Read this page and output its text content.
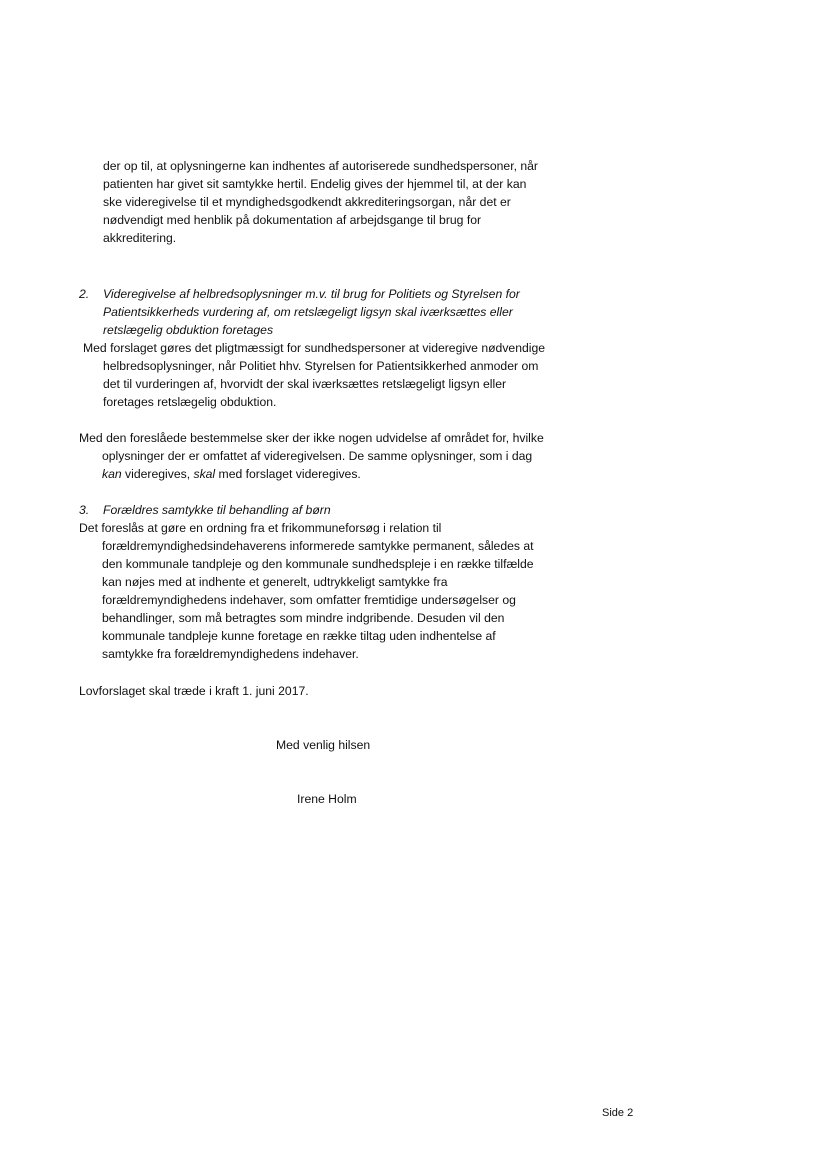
der op til, at oplysningerne kan indhentes af autoriserede sundhedspersoner, når
patienten har givet sit samtykke hertil. Endelig gives der hjemmel til, at der kan
ske videregivelse til et myndighedsgodkendt akkrediteringsorgan, når det er
nødvendigt med henblik på dokumentation af arbejdsgange til brug for
akkreditering.
2.	Videregivelse af helbredsoplysninger m.v. til brug for Politiets og Styrelsen for
Patientsikkerheds vurdering af, om retslægeligt ligsyn skal iværksættes eller
retslægelig obduktion foretages
Med forslaget gøres det pligtmæssigt for sundhedspersoner at videregive nødvendige
helbredsoplysninger, når Politiet hhv. Styrelsen for Patientsikkerhed anmoder om
det til vurderingen af, hvorvidt der skal iværksættes retslægeligt ligsyn eller
foretages retslægelig obduktion.
Med den foreslåede bestemmelse sker der ikke nogen udvidelse af området for, hvilke
oplysninger der er omfattet af videregivelsen. De samme oplysninger, som i dag
kan videregives, skal med forslaget videregives.
3.	Forældres samtykke til behandling af børn
Det foreslås at gøre en ordning fra et frikommuneforsøg i relation til
forældremyndighedsindehaverens informerede samtykke permanent, således at
den kommunale tandpleje og den kommunale sundhedspleje i en række tilfælde
kan nøjes med at indhente et generelt, udtrykkeligt samtykke fra
forældremyndighedens indehaver, som omfatter fremtidige undersøgelser og
behandlinger, som må betragtes som mindre indgribende. Desuden vil den
kommunale tandpleje kunne foretage en række tiltag uden indhentelse af
samtykke fra forældremyndighedens indehaver.
Lovforslaget skal træde i kraft 1. juni 2017.
Med venlig hilsen
Irene Holm
Side 2
